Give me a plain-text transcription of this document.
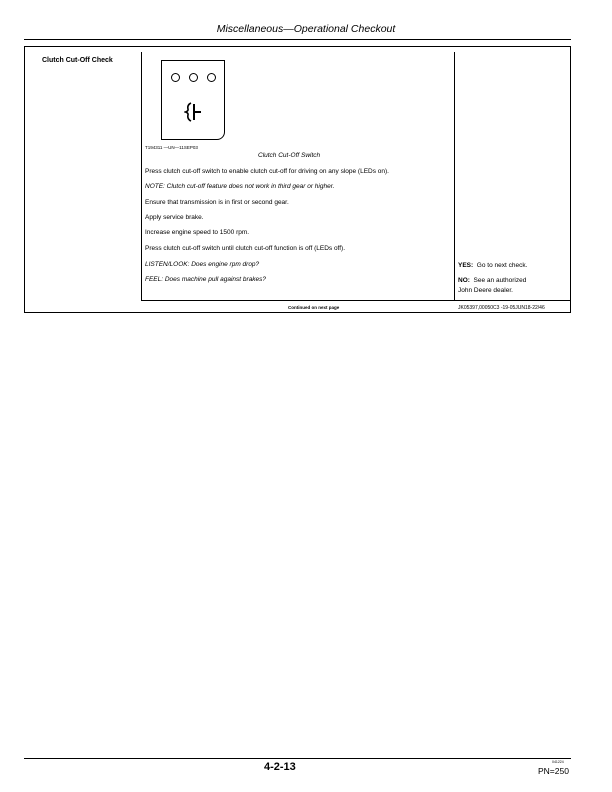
Miscellaneous—Operational Checkout
Clutch Cut-Off Check
T194311 —UN—11SEP03
Clutch Cut-Off Switch
Press clutch cut-off switch to enable clutch cut-off for driving on any slope (LEDs on).
NOTE: Clutch cut-off feature does not work in third gear or higher.
Ensure that transmission is in first or second gear.
Apply service brake.
Increase engine speed to 1500 rpm.
Press clutch cut-off switch until clutch cut-off function is off (LEDs off).
LISTEN/LOOK: Does engine rpm drop?
FEEL: Does machine pull against brakes?
YES: Go to next check.
NO: See an authorized
John Deere dealer.
Continued on next page	JK05397,00050C3 -19-05JUN18-22/46
4-2-13	041224
PN=250
